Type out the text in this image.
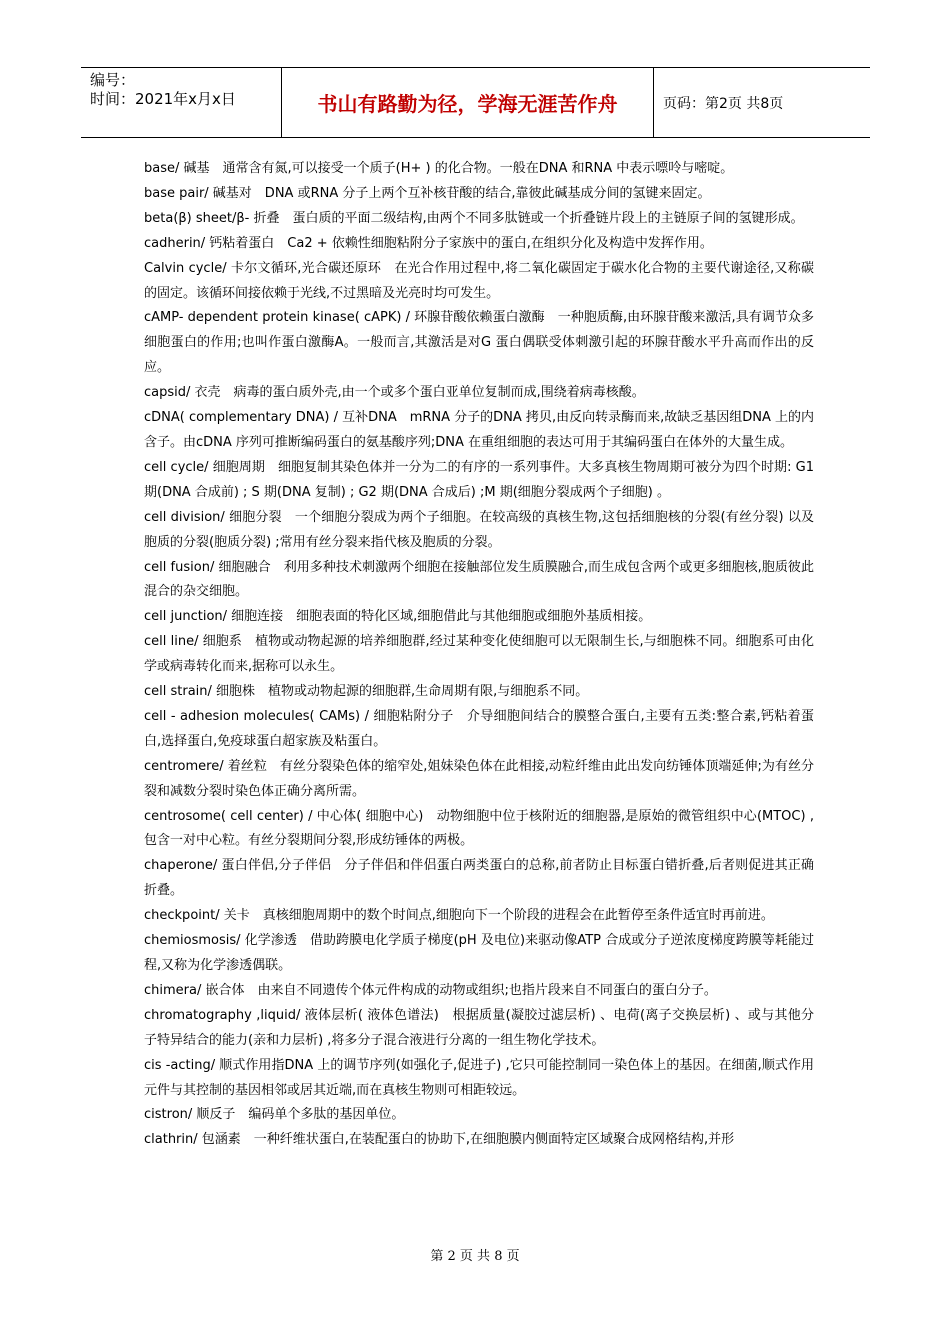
编号：
时间：2021年x月x日	书山有路勤为径，学海无涯苦作舟	页码：第2页 共8页

base/ 碱基　通常含有氮,可以接受一个质子(H+ ) 的化合物。一般在DNA 和RNA 中表示嘌呤与嘧啶。

base pair/ 碱基对　DNA 或RNA 分子上两个互补核苷酸的结合,靠彼此碱基成分间的氢键来固定。

beta(β) sheet/β- 折叠　蛋白质的平面二级结构,由两个不同多肽链或一个折叠链片段上的主链原子间的氢键形成。

cadherin/ 钙粘着蛋白　Ca2 + 依赖性细胞粘附分子家族中的蛋白,在组织分化及构造中发挥作用。

Calvin cycle/ 卡尔文循环,光合碳还原环　在光合作用过程中,将二氧化碳固定于碳水化合物的主要代谢途径,又称碳的固定。该循环间接依赖于光线,不过黑暗及光亮时均可发生。

cAMP- dependent protein kinase( cAPK) / 环腺苷酸依赖蛋白激酶　一种胞质酶,由环腺苷酸来激活,具有调节众多细胞蛋白的作用;也叫作蛋白激酶A。一般而言,其激活是对G 蛋白偶联受体刺激引起的环腺苷酸水平升高而作出的反应。

capsid/ 衣壳　病毒的蛋白质外壳,由一个或多个蛋白亚单位复制而成,围绕着病毒核酸。

cDNA( complementary DNA) / 互补DNA　mRNA 分子的DNA 拷贝,由反向转录酶而来,故缺乏基因组DNA 上的内含子。由cDNA 序列可推断编码蛋白的氨基酸序列;DNA 在重组细胞的表达可用于其编码蛋白在体外的大量生成。

cell cycle/ 细胞周期　细胞复制其染色体并一分为二的有序的一系列事件。大多真核生物周期可被分为四个时期: G1 期(DNA 合成前) ; S 期(DNA 复制) ; G2 期(DNA 合成后) ;M 期(细胞分裂成两个子细胞) 。

cell division/ 细胞分裂　一个细胞分裂成为两个子细胞。在较高级的真核生物,这包括细胞核的分裂(有丝分裂) 以及胞质的分裂(胞质分裂) ;常用有丝分裂来指代核及胞质的分裂。

cell fusion/ 细胞融合　利用多种技术刺激两个细胞在接触部位发生质膜融合,而生成包含两个或更多细胞核,胞质彼此混合的杂交细胞。

cell junction/ 细胞连接　细胞表面的特化区域,细胞借此与其他细胞或细胞外基质相接。

cell line/ 细胞系　植物或动物起源的培养细胞群,经过某种变化使细胞可以无限制生长,与细胞株不同。细胞系可由化学或病毒转化而来,据称可以永生。

cell strain/ 细胞株　植物或动物起源的细胞群,生命周期有限,与细胞系不同。

cell - adhesion molecules( CAMs) / 细胞粘附分子　介导细胞间结合的膜整合蛋白,主要有五类:整合素,钙粘着蛋白,选择蛋白,免疫球蛋白超家族及粘蛋白。

centromere/ 着丝粒　有丝分裂染色体的缩窄处,姐妹染色体在此相接,动粒纤维由此出发向纺锤体顶端延伸;为有丝分裂和减数分裂时染色体正确分离所需。

centrosome( cell center) / 中心体( 细胞中心)　动物细胞中位于核附近的细胞器,是原始的微管组织中心(MTOC) ,包含一对中心粒。有丝分裂期间分裂,形成纺锤体的两极。

chaperone/ 蛋白伴侣,分子伴侣　分子伴侣和伴侣蛋白两类蛋白的总称,前者防止目标蛋白错折叠,后者则促进其正确折叠。

checkpoint/ 关卡　真核细胞周期中的数个时间点,细胞向下一个阶段的进程会在此暂停至条件适宜时再前进。

chemiosmosis/ 化学渗透　借助跨膜电化学质子梯度(pH 及电位)来驱动像ATP 合成或分子逆浓度梯度跨膜等耗能过程,又称为化学渗透偶联。

chimera/ 嵌合体　由来自不同遗传个体元件构成的动物或组织;也指片段来自不同蛋白的蛋白分子。

chromatography ,liquid/ 液体层析( 液体色谱法)　根据质量(凝胶过滤层析) 、电荷(离子交换层析) 、或与其他分子特异结合的能力(亲和力层析) ,将多分子混合液进行分离的一组生物化学技术。

cis -acting/ 顺式作用指DNA 上的调节序列(如强化子,促进子) ,它只可能控制同一染色体上的基因。在细菌,顺式作用元件与其控制的基因相邻或居其近端,而在真核生物则可相距较远。

cistron/ 顺反子　编码单个多肽的基因单位。

clathrin/ 包涵素　一种纤维状蛋白,在装配蛋白的协助下,在细胞膜内侧面特定区域聚合成网格结构,并形

第 2 页 共 8 页
